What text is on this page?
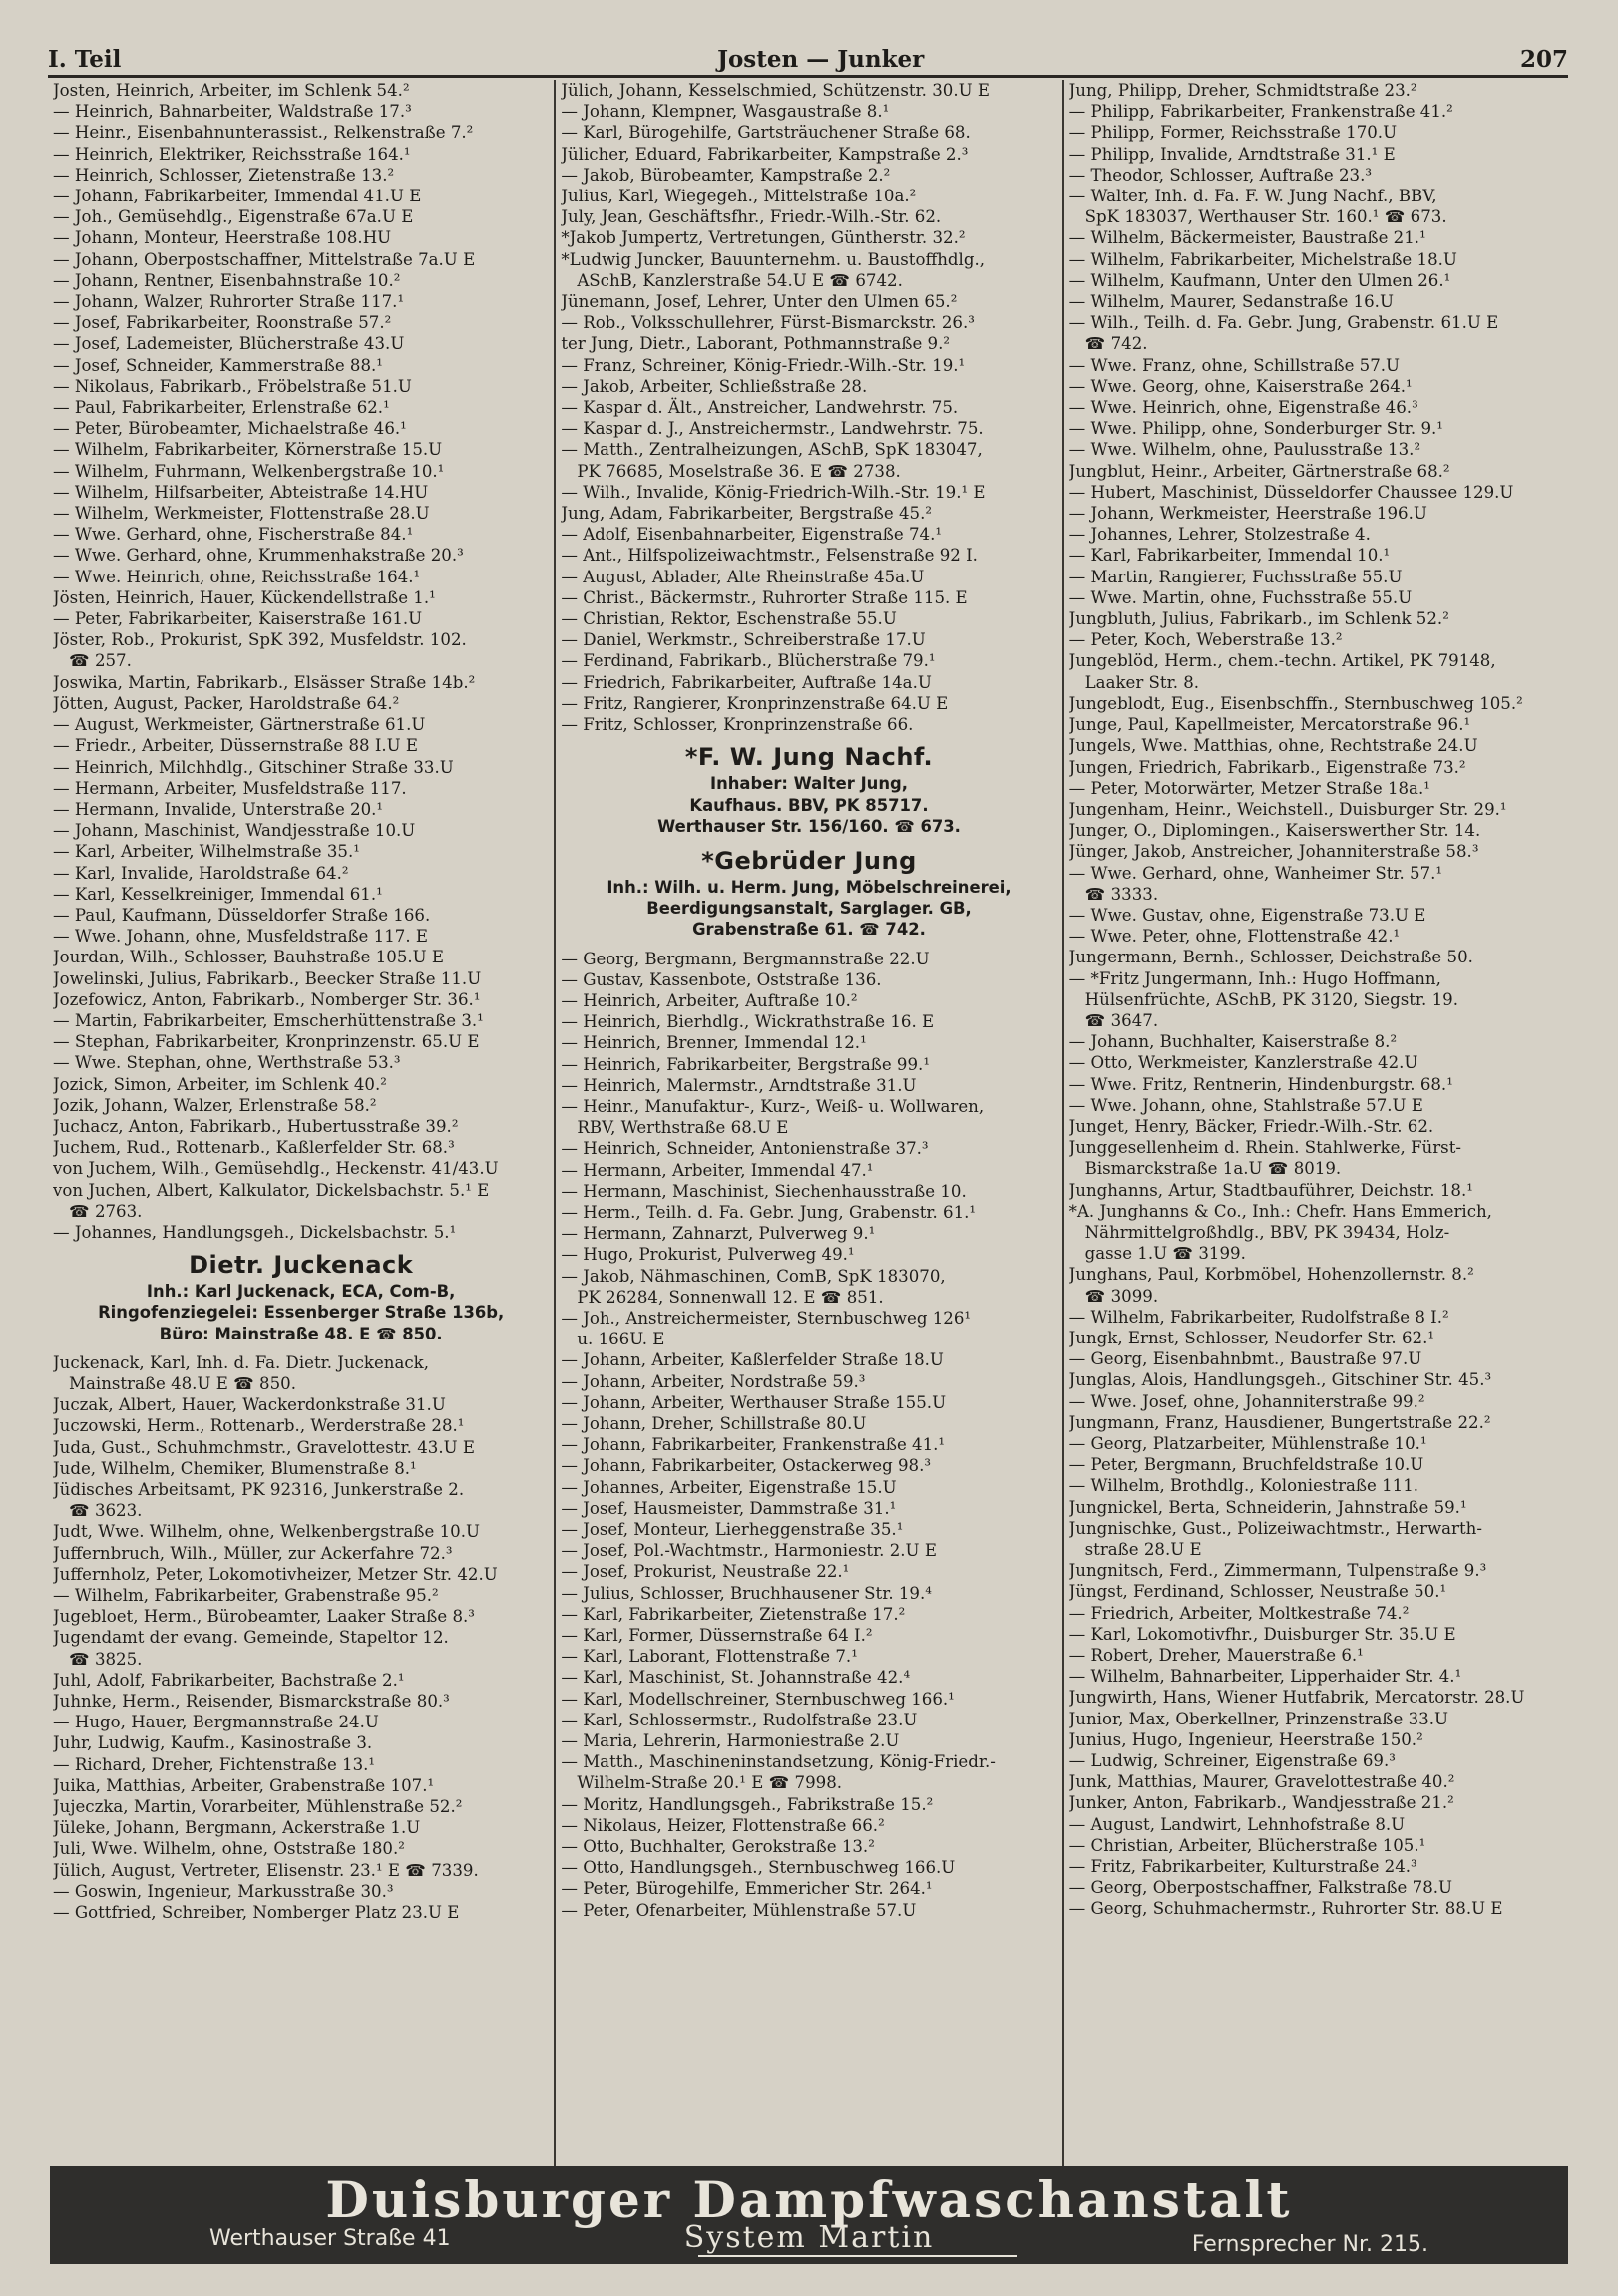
I. Teil	Josten — Junker	207
Josten, Heinrich, Arbeiter, im Schlenk 54.²
— Heinrich, Bahnarbeiter, Waldstraße 17.³
— Heinr., Eisenbahnunterassist., Relkenstraße 7.²
— Heinrich, Elektriker, Reichsstraße 164.¹
— Heinrich, Schlosser, Zietenstraße 13.²
— Johann, Fabrikarbeiter, Immendal 41.U E
— Joh., Gemüsehdlg., Eigenstraße 67a.U E
— Johann, Monteur, Heerstraße 108.HU
— Johann, Oberpostschaffner, Mittelstraße 7a.U E
— Johann, Rentner, Eisenbahnstraße 10.²
— Johann, Walzer, Ruhrorter Straße 117.¹
— Josef, Fabrikarbeiter, Roonstraße 57.²
— Josef, Lademeister, Blücherstraße 43.U
— Josef, Schneider, Kammerstraße 88.¹
— Nikolaus, Fabrikarb., Fröbelstraße 51.U
— Paul, Fabrikarbeiter, Erlenstraße 62.¹
— Peter, Bürobeamter, Michaelstraße 46.¹
— Wilhelm, Fabrikarbeiter, Körnerstraße 15.U
— Wilhelm, Fuhrmann, Welkenbergstraße 10.¹
— Wilhelm, Hilfsarbeiter, Abteistraße 14.HU
— Wilhelm, Werkmeister, Flottenstraße 28.U
— Wwe. Gerhard, ohne, Fischerstraße 84.¹
— Wwe. Gerhard, ohne, Krummenhakstraße 20.³
— Wwe. Heinrich, ohne, Reichsstraße 164.¹
Jösten, Heinrich, Hauer, Kückendellstraße 1.¹
— Peter, Fabrikarbeiter, Kaiserstraße 161.U
Jöster, Rob., Prokurist, SpK 392, Musfeldstr. 102.
☎ 257.
Joswika, Martin, Fabrikarb., Elsässer Straße 14b.²
Jötten, August, Packer, Haroldstraße 64.²
— August, Werkmeister, Gärtnerstraße 61.U
— Friedr., Arbeiter, Düssernstraße 88 I.U E
— Heinrich, Milchhdlg., Gitschiner Straße 33.U
— Hermann, Arbeiter, Musfeldstraße 117.
— Hermann, Invalide, Unterstraße 20.¹
— Johann, Maschinist, Wandjesstraße 10.U
— Karl, Arbeiter, Wilhelmstraße 35.¹
— Karl, Invalide, Haroldstraße 64.²
— Karl, Kesselkreiniger, Immendal 61.¹
— Paul, Kaufmann, Düsseldorfer Straße 166.
— Wwe. Johann, ohne, Musfeldstraße 117. E
Jourdan, Wilh., Schlosser, Bauhstraße 105.U E
Jowelinski, Julius, Fabrikarb., Beecker Straße 11.U
Jozefowicz, Anton, Fabrikarb., Nomberger Str. 36.¹
— Martin, Fabrikarbeiter, Emscherhüttenstraße 3.¹
— Stephan, Fabrikarbeiter, Kronprinzenstr. 65.U E
— Wwe. Stephan, ohne, Werthstraße 53.³
Jozick, Simon, Arbeiter, im Schlenk 40.²
Jozik, Johann, Walzer, Erlenstraße 58.²
Juchacz, Anton, Fabrikarb., Hubertusstraße 39.²
Juchem, Rud., Rottenarb., Kaßlerfelder Str. 68.³
von Juchem, Wilh., Gemüsehdlg., Heckenstr. 41/43.U
von Juchen, Albert, Kalkulator, Dickelsbachstr. 5.¹ E
☎ 2763.
— Johannes, Handlungsgeh., Dickelsbachstr. 5.¹
Dietr. Juckenack
Inh.: Karl Juckenack, ECA, Com-B,
Ringofenziegelei: Essenberger Straße 136b,
Büro: Mainstraße 48. E ☎ 850.
Juckenack, Karl, Inh. d. Fa. Dietr. Juckenack,
Mainstraße 48.U E ☎ 850.
Juczak, Albert, Hauer, Wackerdonkstraße 31.U
Juczowski, Herm., Rottenarb., Werderstraße 28.¹
Juda, Gust., Schuhmchmstr., Gravelottestr. 43.U E
Jude, Wilhelm, Chemiker, Blumenstraße 8.¹
Jüdisches Arbeitsamt, PK 92316, Junkerstraße 2.
☎ 3623.
Judt, Wwe. Wilhelm, ohne, Welkenbergstraße 10.U
Juffernbruch, Wilh., Müller, zur Ackerfahre 72.³
Juffernholz, Peter, Lokomotivheizer, Metzer Str. 42.U
— Wilhelm, Fabrikarbeiter, Grabenstraße 95.²
Jugebloet, Herm., Bürobeamter, Laaker Straße 8.³
Jugendamt der evang. Gemeinde, Stapeltor 12.
☎ 3825.
Juhl, Adolf, Fabrikarbeiter, Bachstraße 2.¹
Juhnke, Herm., Reisender, Bismarckstraße 80.³
— Hugo, Hauer, Bergmannstraße 24.U
Juhr, Ludwig, Kaufm., Kasinostraße 3.
— Richard, Dreher, Fichtenstraße 13.¹
Juika, Matthias, Arbeiter, Grabenstraße 107.¹
Jujeczka, Martin, Vorarbeiter, Mühlenstraße 52.²
Jüleke, Johann, Bergmann, Ackerstraße 1.U
Juli, Wwe. Wilhelm, ohne, Oststraße 180.²
Jülich, August, Vertreter, Elisenstr. 23.¹ E ☎ 7339.
— Goswin, Ingenieur, Markusstraße 30.³
— Gottfried, Schreiber, Nomberger Platz 23.U E
Jülich, Johann, Kesselschmied, Schützenstr. 30.U E
— Johann, Klempner, Wasgaustraße 8.¹
— Karl, Bürogehilfe, Gartsträuchener Straße 68.
Jülicher, Eduard, Fabrikarbeiter, Kampstraße 2.³
— Jakob, Bürobeamter, Kampstraße 2.²
Julius, Karl, Wiegegeh., Mittelstraße 10a.²
July, Jean, Geschäftsfhr., Friedr.-Wilh.-Str. 62.
*Jakob Jumpertz, Vertretungen, Güntherstr. 32.²
*Ludwig Juncker, Bauunternehm. u. Baustoffhdlg.,
ASchB, Kanzlerstraße 54.U E ☎ 6742.
Jünemann, Josef, Lehrer, Unter den Ulmen 65.²
— Rob., Volksschullehrer, Fürst-Bismarckstr. 26.³
ter Jung, Dietr., Laborant, Pothmannstraße 9.²
— Franz, Schreiner, König-Friedr.-Wilh.-Str. 19.¹
— Jakob, Arbeiter, Schließstraße 28.
— Kaspar d. Ält., Anstreicher, Landwehrstr. 75.
— Kaspar d. J., Anstreichermstr., Landwehrstr. 75.
— Matth., Zentralheizungen, ASchB, SpK 183047,
PK 76685, Moselstraße 36. E ☎ 2738.
— Wilh., Invalide, König-Friedrich-Wilh.-Str. 19.¹ E
Jung, Adam, Fabrikarbeiter, Bergstraße 45.²
— Adolf, Eisenbahnarbeiter, Eigenstraße 74.¹
— Ant., Hilfspolizeiwachtmstr., Felsenstraße 92 I.
— August, Ablader, Alte Rheinstraße 45a.U
— Christ., Bäckermstr., Ruhrorter Straße 115. E
— Christian, Rektor, Eschenstraße 55.U
— Daniel, Werkmstr., Schreiberstraße 17.U
— Ferdinand, Fabrikarb., Blücherstraße 79.¹
— Friedrich, Fabrikarbeiter, Auftraße 14a.U
— Fritz, Rangierer, Kronprinzenstraße 64.U E
— Fritz, Schlosser, Kronprinzenstraße 66.
*F. W. Jung Nachf.
Inhaber: Walter Jung,
Kaufhaus. BBV, PK 85717.
Werthauser Str. 156/160. ☎ 673.
*Gebrüder Jung
Inh.: Wilh. u. Herm. Jung, Möbelschreinerei,
Beerdigungsanstalt, Sarglager. GB,
Grabenstraße 61. ☎ 742.
— Georg, Bergmann, Bergmannstraße 22.U
— Gustav, Kassenbote, Oststraße 136.
— Heinrich, Arbeiter, Auftraße 10.²
— Heinrich, Bierhdlg., Wickrathstraße 16. E
— Heinrich, Brenner, Immendal 12.¹
— Heinrich, Fabrikarbeiter, Bergstraße 99.¹
— Heinrich, Malermstr., Arndtstraße 31.U
— Heinr., Manufaktur-, Kurz-, Weiß- u. Wollwaren,
RBV, Werthstraße 68.U E
— Heinrich, Schneider, Antonienstraße 37.³
— Hermann, Arbeiter, Immendal 47.¹
— Hermann, Maschinist, Siechenhausstraße 10.
— Herm., Teilh. d. Fa. Gebr. Jung, Grabenstr. 61.¹
— Hermann, Zahnarzt, Pulverweg 9.¹
— Hugo, Prokurist, Pulverweg 49.¹
— Jakob, Nähmaschinen, ComB, SpK 183070,
PK 26284, Sonnenwall 12. E ☎ 851.
— Joh., Anstreichermeister, Sternbuschweg 126¹
u. 166U. E
— Johann, Arbeiter, Kaßlerfelder Straße 18.U
— Johann, Arbeiter, Nordstraße 59.³
— Johann, Arbeiter, Werthauser Straße 155.U
— Johann, Dreher, Schillstraße 80.U
— Johann, Fabrikarbeiter, Frankenstraße 41.¹
— Johann, Fabrikarbeiter, Ostackerweg 98.³
— Johannes, Arbeiter, Eigenstraße 15.U
— Josef, Hausmeister, Dammstraße 31.¹
— Josef, Monteur, Lierheggenstraße 35.¹
— Josef, Pol.-Wachtmstr., Harmoniestr. 2.U E
— Josef, Prokurist, Neustraße 22.¹
— Julius, Schlosser, Bruchhausener Str. 19.⁴
— Karl, Fabrikarbeiter, Zietenstraße 17.²
— Karl, Former, Düssernstraße 64 I.²
— Karl, Laborant, Flottenstraße 7.¹
— Karl, Maschinist, St. Johannstraße 42.⁴
— Karl, Modellschreiner, Sternbuschweg 166.¹
— Karl, Schlossermstr., Rudolfstraße 23.U
— Maria, Lehrerin, Harmoniestraße 2.U
— Matth., Maschineninstandsetzung, König-Friedr.-
Wilhelm-Straße 20.¹ E ☎ 7998.
— Moritz, Handlungsgeh., Fabrikstraße 15.²
— Nikolaus, Heizer, Flottenstraße 66.²
— Otto, Buchhalter, Gerokstraße 13.²
— Otto, Handlungsgeh., Sternbuschweg 166.U
— Peter, Bürogehilfe, Emmericher Str. 264.¹
— Peter, Ofenarbeiter, Mühlenstraße 57.U
Jung, Philipp, Dreher, Schmidtstraße 23.²
— Philipp, Fabrikarbeiter, Frankenstraße 41.²
— Philipp, Former, Reichsstraße 170.U
— Philipp, Invalide, Arndtstraße 31.¹ E
— Theodor, Schlosser, Auftraße 23.³
— Walter, Inh. d. Fa. F. W. Jung Nachf., BBV,
SpK 183037, Werthauser Str. 160.¹ ☎ 673.
— Wilhelm, Bäckermeister, Baustraße 21.¹
— Wilhelm, Fabrikarbeiter, Michelstraße 18.U
— Wilhelm, Kaufmann, Unter den Ulmen 26.¹
— Wilhelm, Maurer, Sedanstraße 16.U
— Wilh., Teilh. d. Fa. Gebr. Jung, Grabenstr. 61.U E
☎ 742.
— Wwe. Franz, ohne, Schillstraße 57.U
— Wwe. Georg, ohne, Kaiserstraße 264.¹
— Wwe. Heinrich, ohne, Eigenstraße 46.³
— Wwe. Philipp, ohne, Sonderburger Str. 9.¹
— Wwe. Wilhelm, ohne, Paulusstraße 13.²
Jungblut, Heinr., Arbeiter, Gärtnerstraße 68.²
— Hubert, Maschinist, Düsseldorfer Chaussee 129.U
— Johann, Werkmeister, Heerstraße 196.U
— Johannes, Lehrer, Stolzestraße 4.
— Karl, Fabrikarbeiter, Immendal 10.¹
— Martin, Rangierer, Fuchsstraße 55.U
— Wwe. Martin, ohne, Fuchsstraße 55.U
Jungbluth, Julius, Fabrikarb., im Schlenk 52.²
— Peter, Koch, Weberstraße 13.²
Jungeblöd, Herm., chem.-techn. Artikel, PK 79148,
Laaker Str. 8.
Jungeblodt, Eug., Eisenbschffn., Sternbuschweg 105.²
Junge, Paul, Kapellmeister, Mercatorstraße 96.¹
Jungels, Wwe. Matthias, ohne, Rechtstraße 24.U
Jungen, Friedrich, Fabrikarb., Eigenstraße 73.²
— Peter, Motorwärter, Metzer Straße 18a.¹
Jungenham, Heinr., Weichstell., Duisburger Str. 29.¹
Junger, O., Diplomingen., Kaiserswerther Str. 14.
Jünger, Jakob, Anstreicher, Johanniterstraße 58.³
— Wwe. Gerhard, ohne, Wanheimer Str. 57.¹
☎ 3333.
— Wwe. Gustav, ohne, Eigenstraße 73.U E
— Wwe. Peter, ohne, Flottenstraße 42.¹
Jungermann, Bernh., Schlosser, Deichstraße 50.
— *Fritz Jungermann, Inh.: Hugo Hoffmann,
Hülsenfrüchte, ASchB, PK 3120, Siegstr. 19.
☎ 3647.
— Johann, Buchhalter, Kaiserstraße 8.²
— Otto, Werkmeister, Kanzlerstraße 42.U
— Wwe. Fritz, Rentnerin, Hindenburgstr. 68.¹
— Wwe. Johann, ohne, Stahlstraße 57.U E
Junget, Henry, Bäcker, Friedr.-Wilh.-Str. 62.
Junggesellenheim d. Rhein. Stahlwerke, Fürst-
Bismarckstraße 1a.U ☎ 8019.
Junghanns, Artur, Stadtbauführer, Deichstr. 18.¹
*A. Junghanns & Co., Inh.: Chefr. Hans Emmerich,
Nährmittelgroßhdlg., BBV, PK 39434, Holz-
gasse 1.U ☎ 3199.
Junghans, Paul, Korbmöbel, Hohenzollernstr. 8.²
☎ 3099.
— Wilhelm, Fabrikarbeiter, Rudolfstraße 8 I.²
Jungk, Ernst, Schlosser, Neudorfer Str. 62.¹
— Georg, Eisenbahnbmt., Baustraße 97.U
Junglas, Alois, Handlungsgeh., Gitschiner Str. 45.³
— Wwe. Josef, ohne, Johanniterstraße 99.²
Jungmann, Franz, Hausdiener, Bungertstraße 22.²
— Georg, Platzarbeiter, Mühlenstraße 10.¹
— Peter, Bergmann, Bruchfeldstraße 10.U
— Wilhelm, Brothdlg., Koloniestraße 111.
Jungnickel, Berta, Schneiderin, Jahnstraße 59.¹
Jungnischke, Gust., Polizeiwachtmstr., Herwarth-
straße 28.U E
Jungnitsch, Ferd., Zimmermann, Tulpenstraße 9.³
Jüngst, Ferdinand, Schlosser, Neustraße 50.¹
— Friedrich, Arbeiter, Moltkestraße 74.²
— Karl, Lokomotivfhr., Duisburger Str. 35.U E
— Robert, Dreher, Mauerstraße 6.¹
— Wilhelm, Bahnarbeiter, Lipperhaider Str. 4.¹
Jungwirth, Hans, Wiener Hutfabrik, Mercatorstr. 28.U
Junior, Max, Oberkellner, Prinzenstraße 33.U
Junius, Hugo, Ingenieur, Heerstraße 150.²
— Ludwig, Schreiner, Eigenstraße 69.³
Junk, Matthias, Maurer, Gravelottestraße 40.²
Junker, Anton, Fabrikarb., Wandjesstraße 21.²
— August, Landwirt, Lehnhofstraße 8.U
— Christian, Arbeiter, Blücherstraße 105.¹
— Fritz, Fabrikarbeiter, Kulturstraße 24.³
— Georg, Oberpostschaffner, Falkstraße 78.U
— Georg, Schuhmachermstr., Ruhrorter Str. 88.U E
Duisburger Dampfwaschanstalt
Werthauser Straße 41	System Martin	Fernsprecher Nr. 215.
